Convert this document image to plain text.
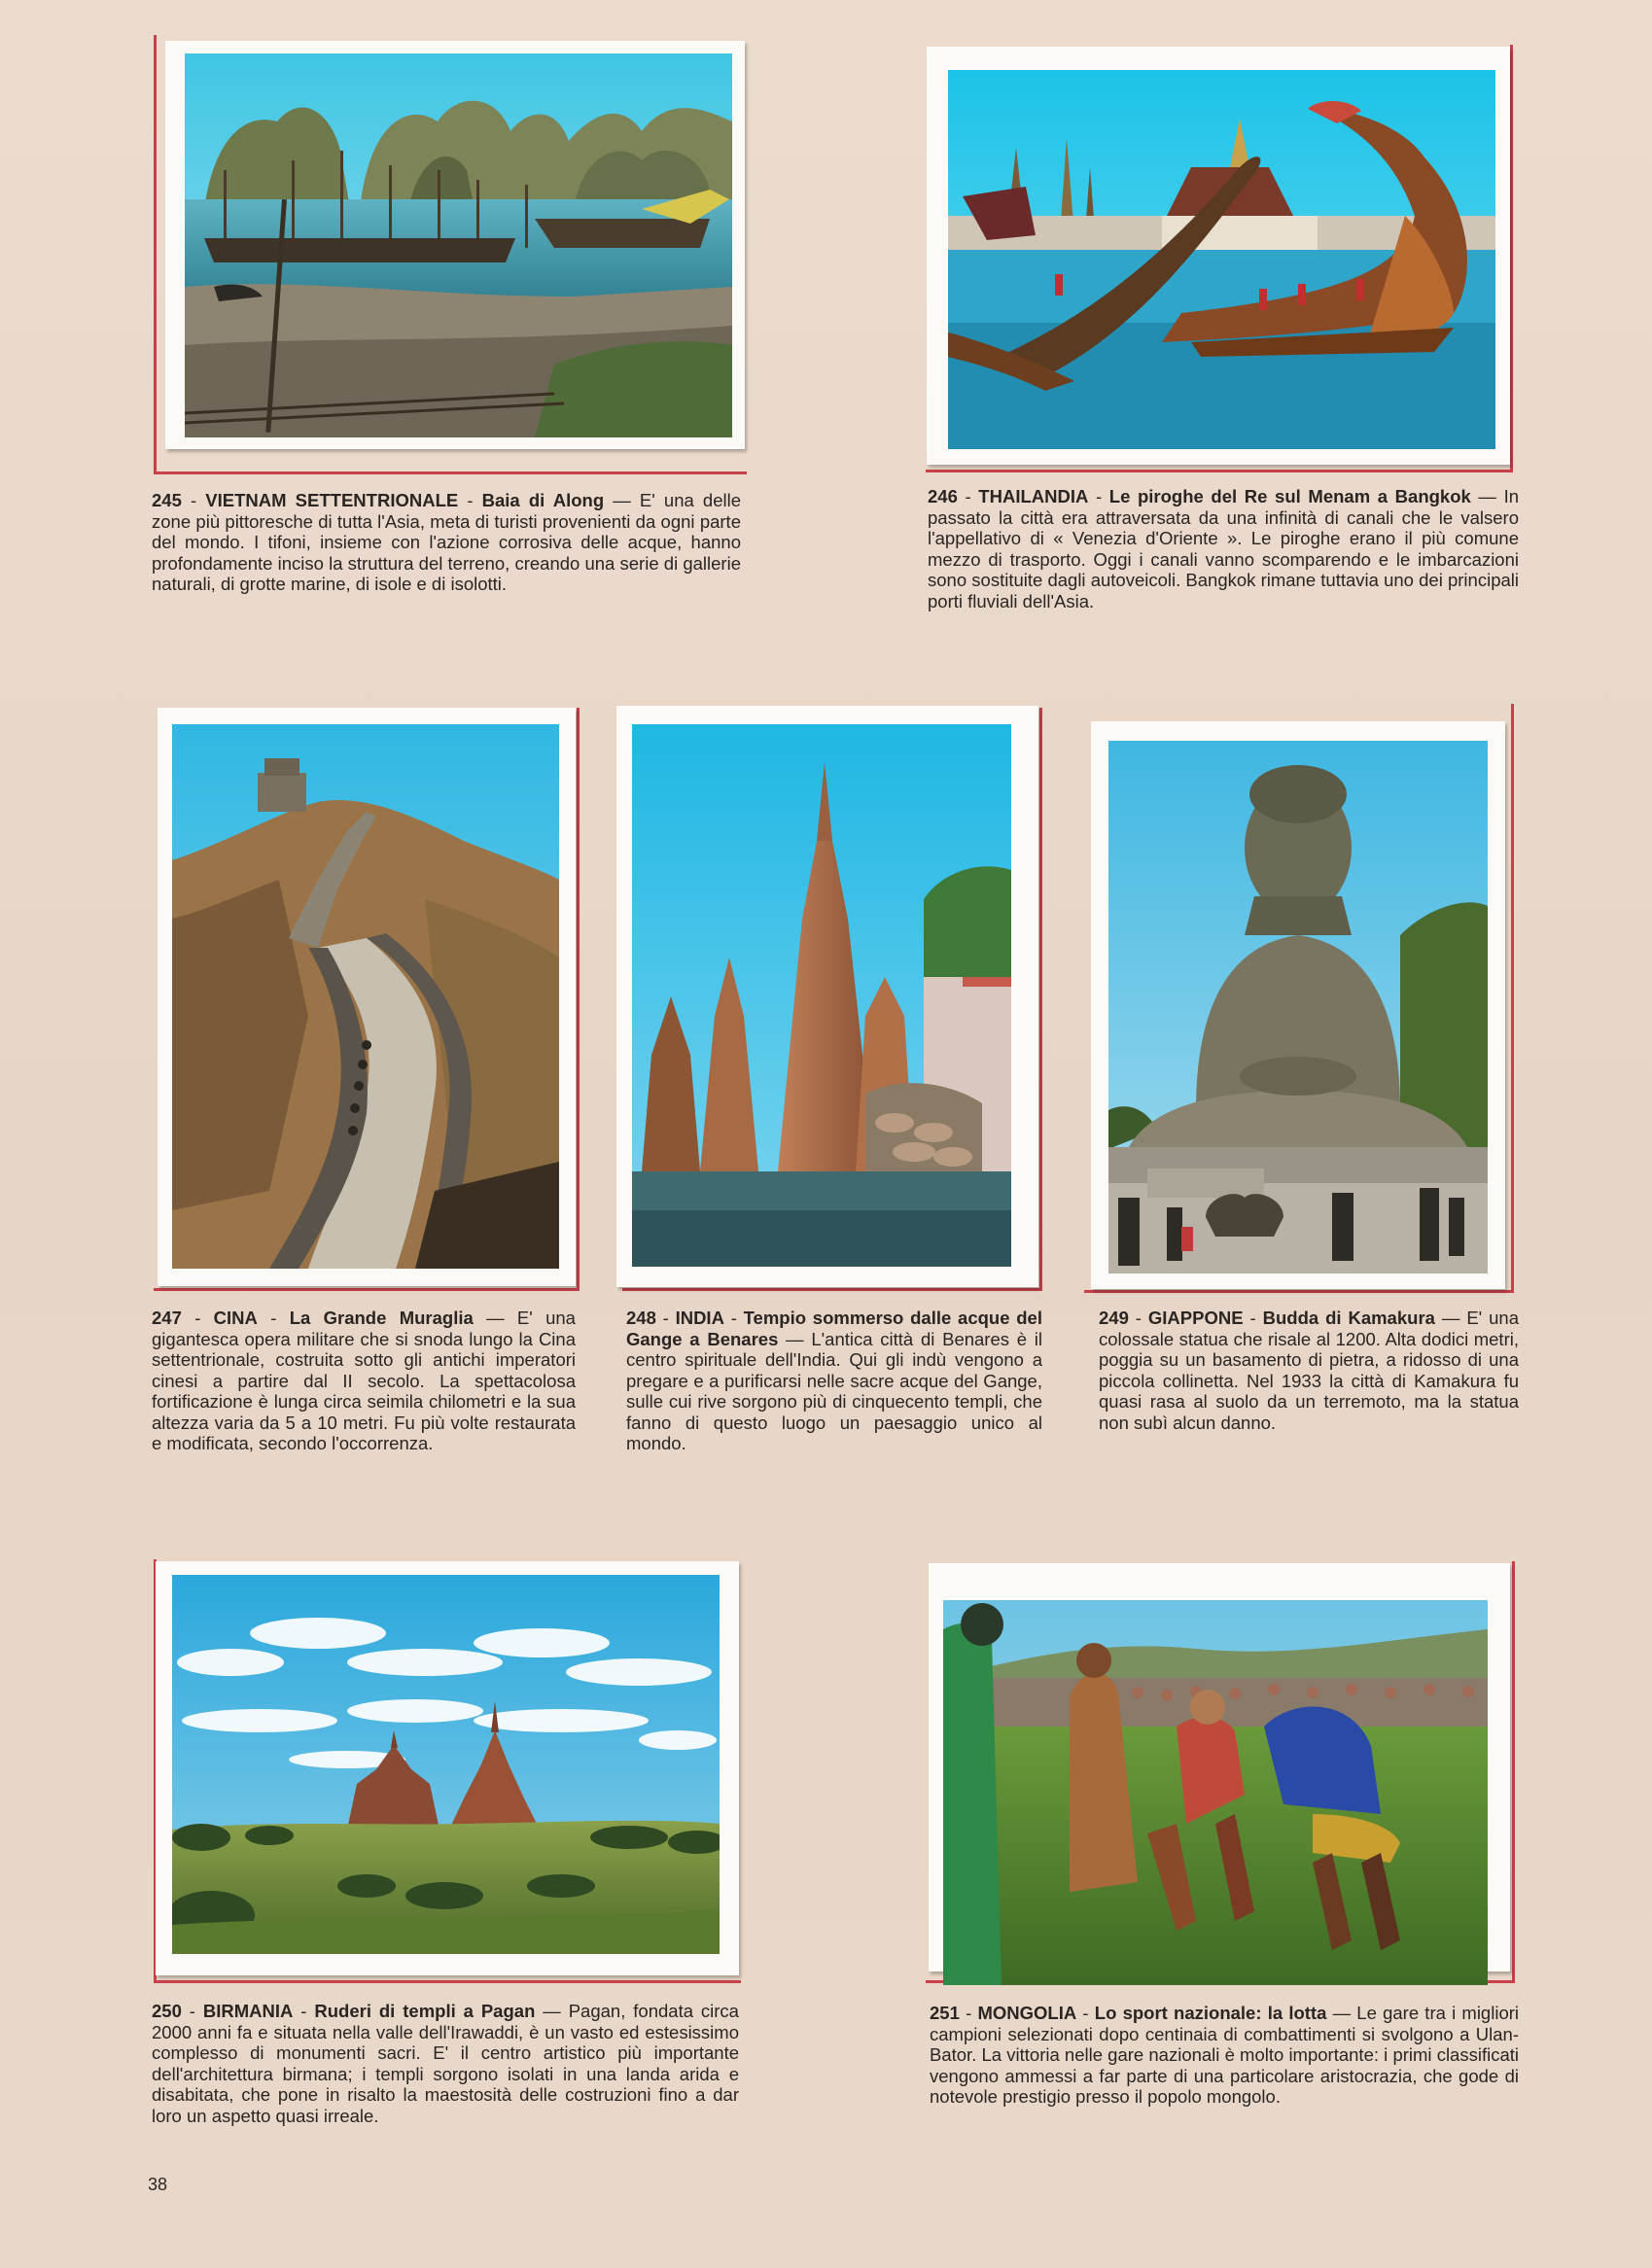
245 - VIETNAM SETTENTRIONALE - Baia di Along — E' una delle zone più pittoresche di tutta l'Asia, meta di turisti provenienti da ogni parte del mondo. I tifoni, insieme con l'azione corrosiva delle acque, hanno profondamente inciso la struttura del terreno, creando una serie di gallerie naturali, di grotte marine, di isole e di isolotti.
246 - THAILANDIA - Le piroghe del Re sul Menam a Bangkok — In passato la città era attraversata da una infinità di canali che le valsero l'appellativo di « Venezia d'Oriente ». Le piroghe erano il più comune mezzo di trasporto. Oggi i canali vanno scomparendo e le imbarcazioni sono sostituite dagli autoveicoli. Bangkok rimane tuttavia uno dei principali porti fluviali dell'Asia.
247 - CINA - La Grande Muraglia — E' una gigantesca opera militare che si snoda lungo la Cina settentrionale, costruita sotto gli antichi imperatori cinesi a partire dal II secolo. La spettacolosa fortificazione è lunga circa seimila chilometri e la sua altezza varia da 5 a 10 metri. Fu più volte restaurata e modificata, secondo l'occorrenza.
248 - INDIA - Tempio sommerso dalle acque del Gange a Benares — L'antica città di Benares è il centro spirituale dell'India. Qui gli indù vengono a pregare e a purificarsi nelle sacre acque del Gange, sulle cui rive sorgono più di cinquecento templi, che fanno di questo luogo un paesaggio unico al mondo.
249 - GIAPPONE - Budda di Kamakura — E' una colossale statua che risale al 1200. Alta dodici metri, poggia su un basamento di pietra, a ridosso di una piccola collinetta. Nel 1933 la città di Kamakura fu quasi rasa al suolo da un terremoto, ma la statua non subì alcun danno.
250 - BIRMANIA - Ruderi di templi a Pagan — Pagan, fondata circa 2000 anni fa e situata nella valle dell'Irawaddi, è un vasto ed estesissimo complesso di monumenti sacri. E' il centro artistico più importante dell'architettura birmana; i templi sorgono isolati in una landa arida e disabitata, che pone in risalto la maestosità delle costruzioni fino a dar loro un aspetto quasi irreale.
251 - MONGOLIA - Lo sport nazionale: la lotta — Le gare tra i migliori campioni selezionati dopo centinaia di combattimenti si svolgono a Ulan-Bator. La vittoria nelle gare nazionali è molto importante: i primi classificati vengono ammessi a far parte di una particolare aristocrazia, che gode di notevole prestigio presso il popolo mongolo.
38
